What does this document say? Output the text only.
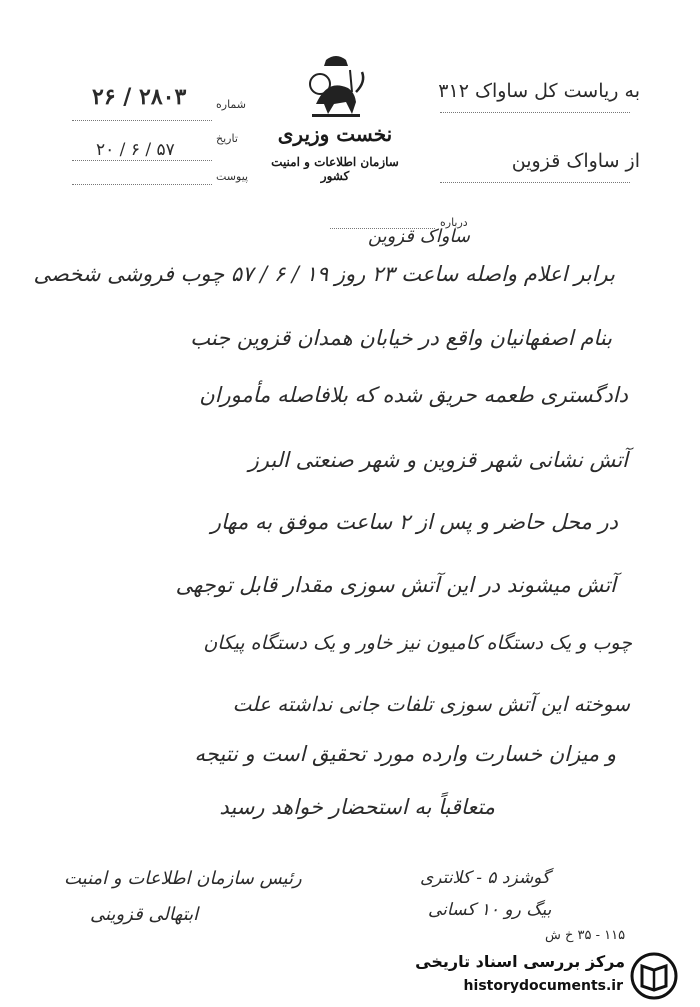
نخست وزیری
سازمان اطلاعات و امنیت کشور
شماره
۲۸۰۳ / ۲۶
تاریخ
۵۷ / ۶ / ۲۰
پیوست
به ریاست کل ساواک ۳۱۲
از ساواک قزوین
درباره
ساواک قزوین
برابر اعلام واصله ساعت ۲۳ روز ۱۹ / ۶ / ۵۷ چوب فروشی شخصی
بنام اصفهانیان واقع در خیابان همدان قزوین جنب
دادگستری طعمه حریق شده که بلافاصله مأموران
آتش نشانی شهر قزوین و شهر صنعتی البرز
در محل حاضر و پس از ۲ ساعت موفق به مهار
آتش میشوند در این آتش سوزی مقدار قابل توجهی
چوب و یک دستگاه کامیون نیز خاور و یک دستگاه پیکان
سوخته این آتش سوزی تلفات جانی نداشته علت
و میزان خسارت وارده مورد تحقیق است و نتیجه
متعاقباً به استحضار خواهد رسید
رئیس سازمان اطلاعات و امنیت
ابتهالی قزوینی
گوشزد ۵ - کلانتری
بیگ رو ۱۰ کسانی
۱۱۵ - ۳۵ خ ش
مرکز بررسی اسناد تاریخی
historydocuments.ir
